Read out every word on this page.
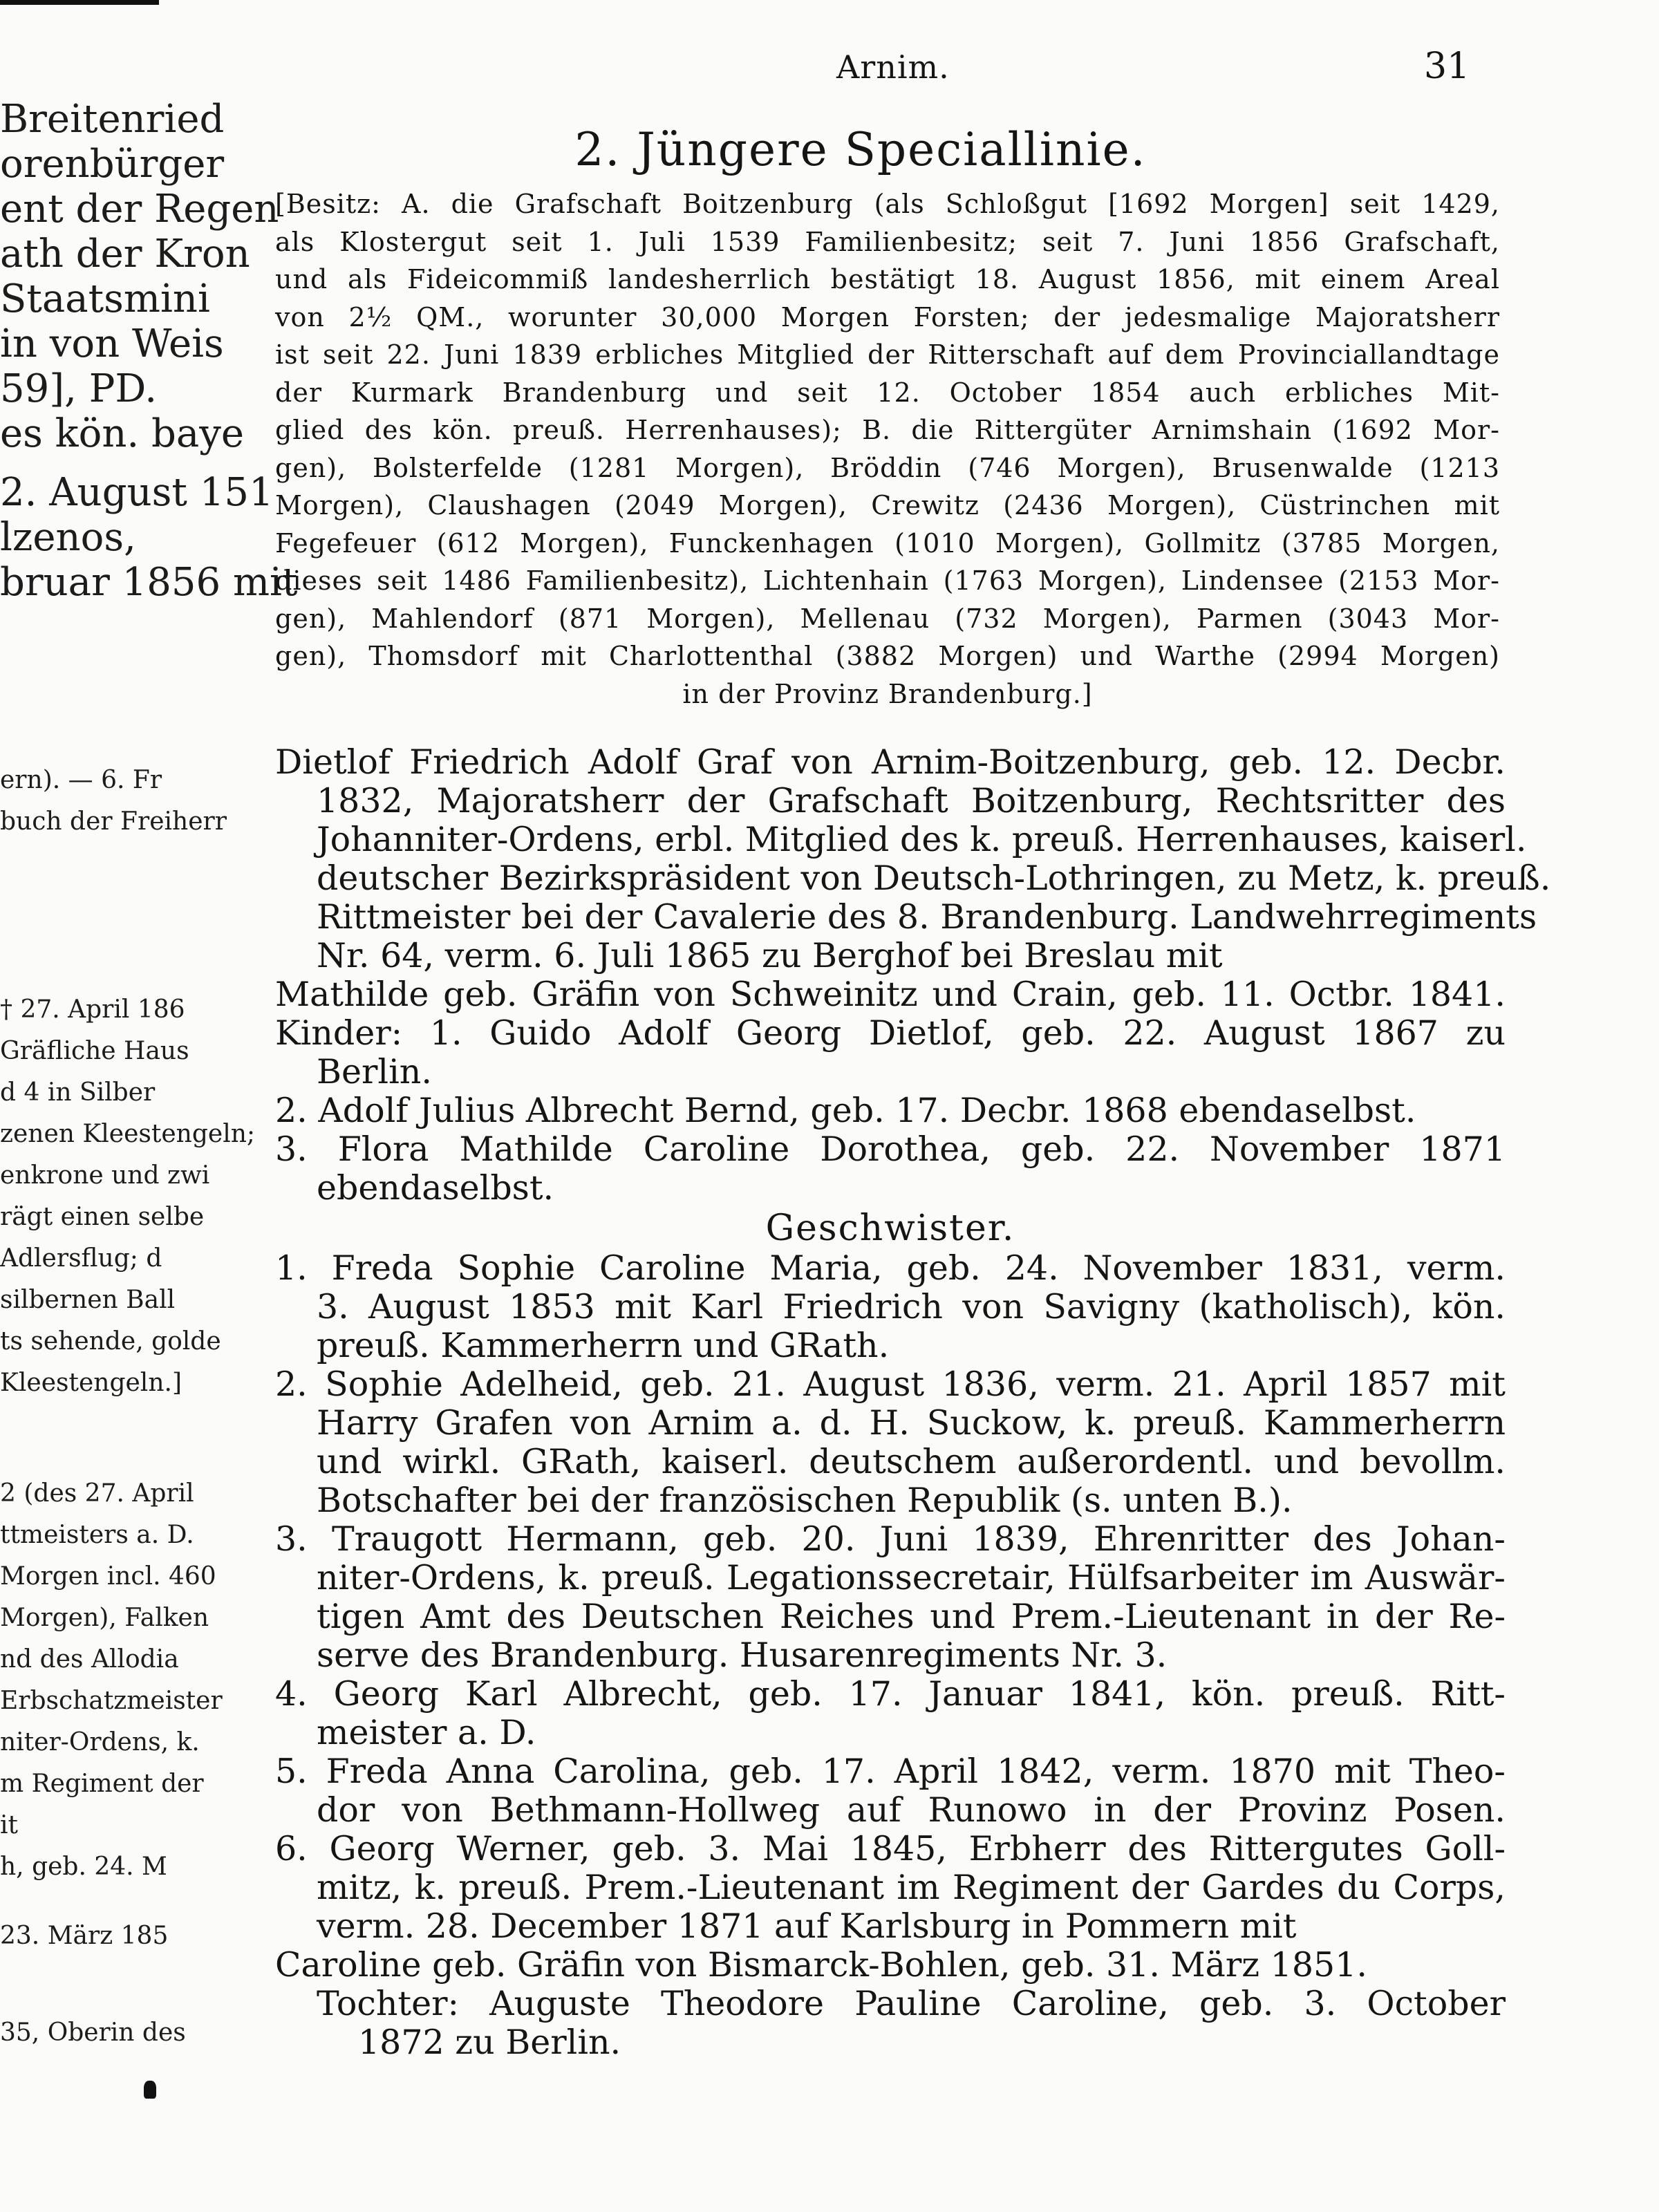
Breitenried
orenbürger
ent der Regen
ath der Kron
Staatsmini
in von Weis
59], PD.
es kön. baye
2. August 151
lzenos,
bruar 1856 mit
ern). — 6. Fr
buch der Freiherr
† 27. April 186
Gräfliche Haus
d 4 in Silber
zenen Kleestengeln;
enkrone und zwi
rägt einen selbe
Adlersflug; d
silbernen Ball
ts sehende, golde
Kleestengeln.]
2 (des 27. April
ttmeisters a. D.
Morgen incl. 460
Morgen), Falken
nd des Allodia
Erbschatzmeister
niter-Ordens, k.
m Regiment der
it
h, geb. 24. M
23. März 185
35, Oberin des
Arnim.	31
2. Jüngere Speciallinie.
[Besitz: A. die Grafschaft Boitzenburg (als Schloßgut [1692 Morgen] seit 1429,
als Klostergut seit 1. Juli 1539 Familienbesitz; seit 7. Juni 1856 Grafschaft,
und als Fideicommiß landesherrlich bestätigt 18. August 1856, mit einem Areal
von 2½ QM., worunter 30,000 Morgen Forsten; der jedesmalige Majoratsherr
ist seit 22. Juni 1839 erbliches Mitglied der Ritterschaft auf dem Provinciallandtage
der Kurmark Brandenburg und seit 12. October 1854 auch erbliches Mit-
glied des kön. preuß. Herrenhauses); B. die Rittergüter Arnimshain (1692 Mor-
gen), Bolsterfelde (1281 Morgen), Bröddin (746 Morgen), Brusenwalde (1213
Morgen), Claushagen (2049 Morgen), Crewitz (2436 Morgen), Cüstrinchen mit
Fegefeuer (612 Morgen), Funckenhagen (1010 Morgen), Gollmitz (3785 Morgen,
dieses seit 1486 Familienbesitz), Lichtenhain (1763 Morgen), Lindensee (2153 Mor-
gen), Mahlendorf (871 Morgen), Mellenau (732 Morgen), Parmen (3043 Mor-
gen), Thomsdorf mit Charlottenthal (3882 Morgen) und Warthe (2994 Morgen)
in der Provinz Brandenburg.]
Dietlof Friedrich Adolf Graf von Arnim-Boitzenburg, geb. 12. Decbr.
1832, Majoratsherr der Grafschaft Boitzenburg, Rechtsritter des
Johanniter-Ordens, erbl. Mitglied des k. preuß. Herrenhauses, kaiserl.
deutscher Bezirkspräsident von Deutsch-Lothringen, zu Metz, k. preuß.
Rittmeister bei der Cavalerie des 8. Brandenburg. Landwehrregiments
Nr. 64, verm. 6. Juli 1865 zu Berghof bei Breslau mit
Mathilde geb. Gräfin von Schweinitz und Crain, geb. 11. Octbr. 1841.
Kinder: 1. Guido Adolf Georg Dietlof, geb. 22. August 1867 zu
Berlin.
2. Adolf Julius Albrecht Bernd, geb. 17. Decbr. 1868 ebendaselbst.
3. Flora Mathilde Caroline Dorothea, geb. 22. November 1871
ebendaselbst.
Geschwister.
1. Freda Sophie Caroline Maria, geb. 24. November 1831, verm.
3. August 1853 mit Karl Friedrich von Savigny (katholisch), kön.
preuß. Kammerherrn und GRath.
2. Sophie Adelheid, geb. 21. August 1836, verm. 21. April 1857 mit
Harry Grafen von Arnim a. d. H. Suckow, k. preuß. Kammerherrn
und wirkl. GRath, kaiserl. deutschem außerordentl. und bevollm.
Botschafter bei der französischen Republik (s. unten B.).
3. Traugott Hermann, geb. 20. Juni 1839, Ehrenritter des Johan-
niter-Ordens, k. preuß. Legationssecretair, Hülfsarbeiter im Auswär-
tigen Amt des Deutschen Reiches und Prem.-Lieutenant in der Re-
serve des Brandenburg. Husarenregiments Nr. 3.
4. Georg Karl Albrecht, geb. 17. Januar 1841, kön. preuß. Ritt-
meister a. D.
5. Freda Anna Carolina, geb. 17. April 1842, verm. 1870 mit Theo-
dor von Bethmann-Hollweg auf Runowo in der Provinz Posen.
6. Georg Werner, geb. 3. Mai 1845, Erbherr des Rittergutes Goll-
mitz, k. preuß. Prem.-Lieutenant im Regiment der Gardes du Corps,
verm. 28. December 1871 auf Karlsburg in Pommern mit
Caroline geb. Gräfin von Bismarck-Bohlen, geb. 31. März 1851.
Tochter: Auguste Theodore Pauline Caroline, geb. 3. October
1872 zu Berlin.
